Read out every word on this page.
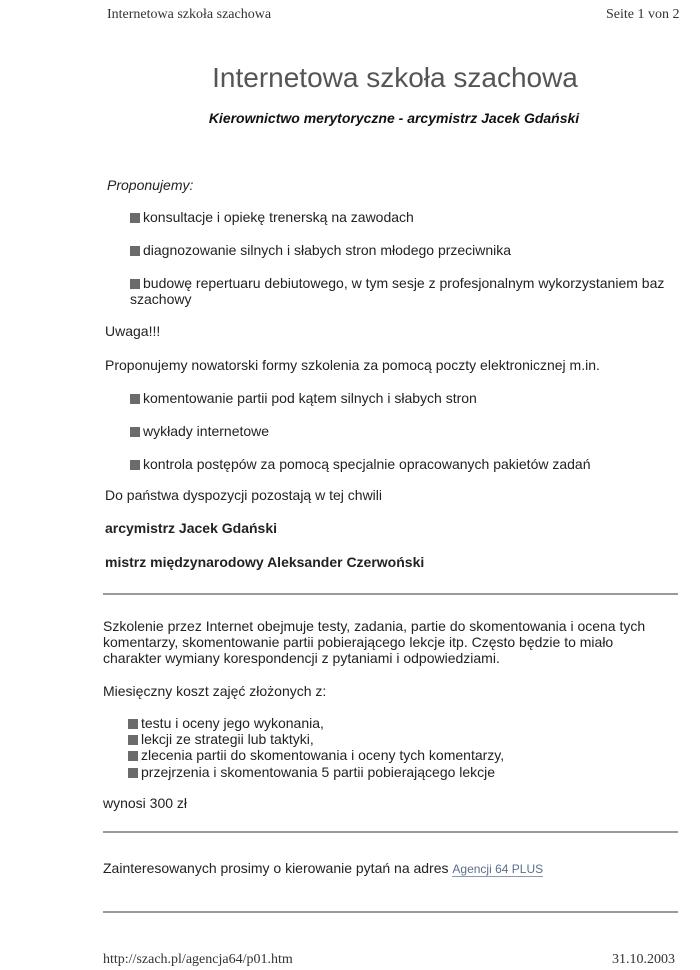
Internetowa szkoła szachowa	Seite 1 von 2
Internetowa szkoła szachowa
Kierownictwo merytoryczne - arcymistrz Jacek Gdański
Proponujemy:
konsultacje i opiekę trenerską na zawodach
diagnozowanie silnych i słabych stron młodego przeciwnika
budowę repertuaru debiutowego, w tym sesje z profesjonalnym wykorzystaniem baz
szachowy
Uwaga!!!
Proponujemy nowatorski formy szkolenia za pomocą poczty elektronicznej m.in.
komentowanie partii pod kątem silnych i słabych stron
wykłady internetowe
kontrola postępów za pomocą specjalnie opracowanych pakietów zadań
Do państwa dyspozycji pozostają w tej chwili
arcymistrz Jacek Gdański
mistrz międzynarodowy Aleksander Czerwoński
Szkolenie przez Internet obejmuje testy, zadania, partie do skomentowania i ocena tych
komentarzy, skomentowanie partii pobierającego lekcje itp. Często będzie to miało
charakter wymiany korespondencji z pytaniami i odpowiedziami.
Miesięczny koszt zajęć złożonych z:
testu i oceny jego wykonania,
lekcji ze strategii lub taktyki,
zlecenia partii do skomentowania i oceny tych komentarzy,
przejrzenia i skomentowania 5 partii pobierającego lekcje
wynosi 300 zł
Zainteresowanych prosimy o kierowanie pytań na adres Agencji 64 PLUS
http://szach.pl/agencja64/p01.htm	31.10.2003
